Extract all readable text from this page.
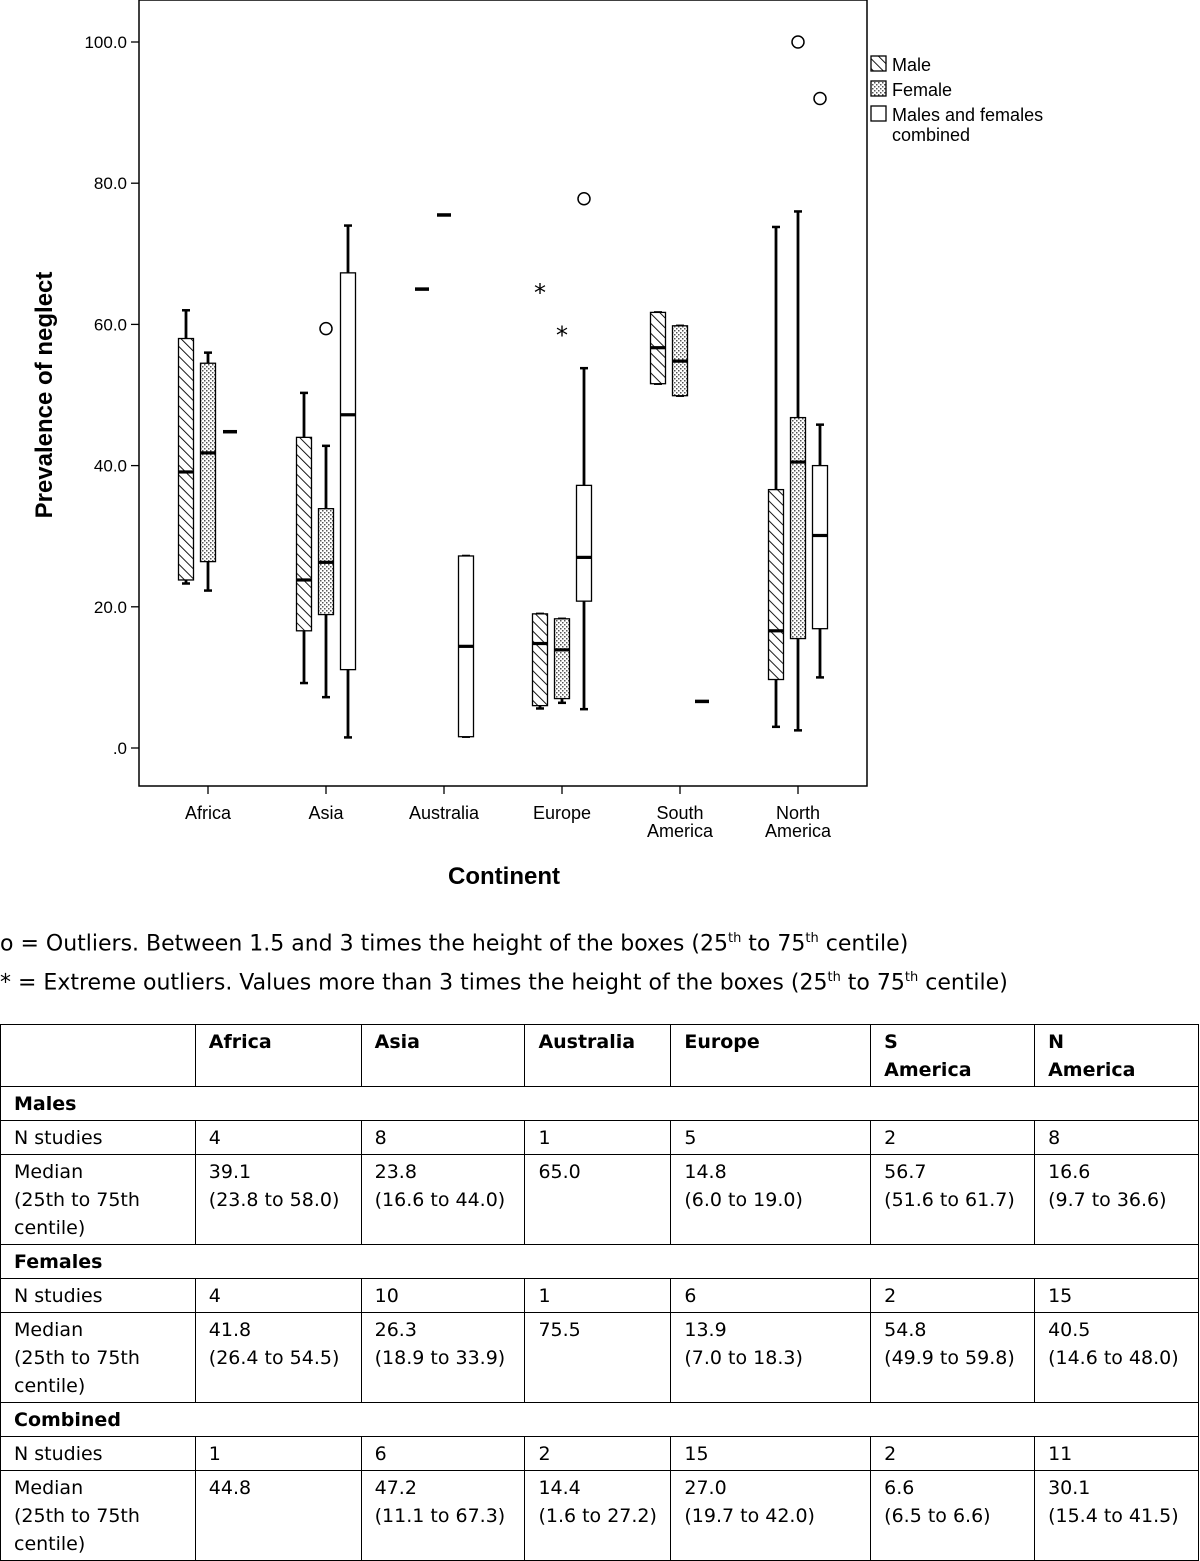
.0
20.0
40.0
60.0
80.0
100.0
Africa	Asia	Australia	Europe	South
America
North
America
*
*
Male
Female
Males and females
combined
Prevalence of neglect
Continent
o = Outliers. Between 1.5 and 3 times the height of the boxes (25th to 75th centile)
* = Extreme outliers. Values more than 3 times the height of the boxes (25th to 75th centile)
	Africa	Asia	Australia	Europe	S
America	N
America
Males						
N studies	4	8	1	5	2	8
Median
(25th to 75th
centile)	39.1
(23.8 to 58.0)	23.8
(16.6 to 44.0)	65.0	14.8
(6.0 to 19.0)	56.7
(51.6 to 61.7)	16.6
(9.7 to 36.6)
Females						
N studies	4	10	1	6	2	15
Median
(25th to 75th
centile)	41.8
(26.4 to 54.5)	26.3
(18.9 to 33.9)	75.5	13.9
(7.0 to 18.3)	54.8
(49.9 to 59.8)	40.5
(14.6 to 48.0)
Combined						
N studies	1	6	2	15	2	11
Median
(25th to 75th
centile)	44.8	47.2
(11.1 to 67.3)	14.4
(1.6 to 27.2)	27.0
(19.7 to 42.0)	6.6
(6.5 to 6.6)	30.1
(15.4 to 41.5)
